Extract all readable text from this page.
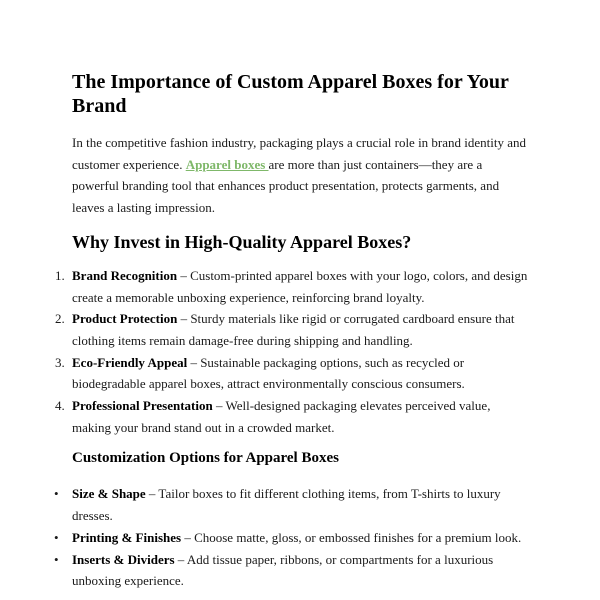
The Importance of Custom Apparel Boxes for Your Brand

In the competitive fashion industry, packaging plays a crucial role in brand identity and customer experience. Apparel boxes are more than just containers—they are a powerful branding tool that enhances product presentation, protects garments, and leaves a lasting impression.

Why Invest in High-Quality Apparel Boxes?
1. Brand Recognition – Custom-printed apparel boxes with your logo, colors, and design create a memorable unboxing experience, reinforcing brand loyalty.
2. Product Protection – Sturdy materials like rigid or corrugated cardboard ensure that clothing items remain damage-free during shipping and handling.
3. Eco-Friendly Appeal – Sustainable packaging options, such as recycled or biodegradable apparel boxes, attract environmentally conscious consumers.
4. Professional Presentation – Well-designed packaging elevates perceived value, making your brand stand out in a crowded market.
Customization Options for Apparel Boxes
• Size & Shape – Tailor boxes to fit different clothing items, from T-shirts to luxury dresses.
• Printing & Finishes – Choose matte, gloss, or embossed finishes for a premium look.
• Inserts & Dividers – Add tissue paper, ribbons, or compartments for a luxurious unboxing experience.
